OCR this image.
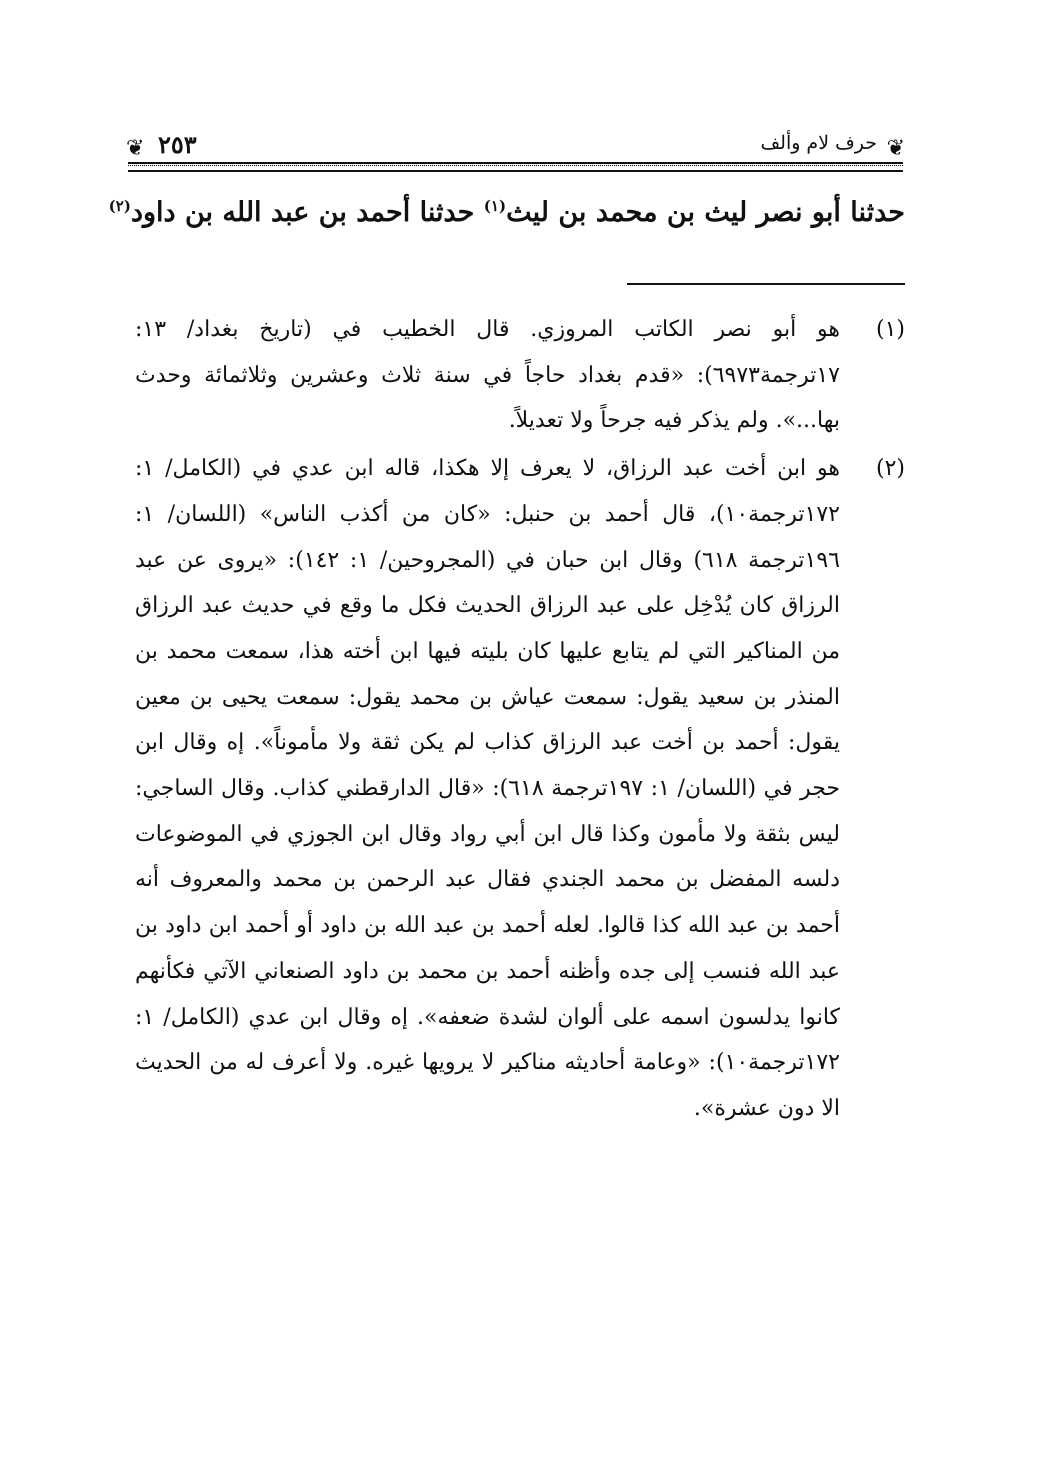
❦
حرف لام وألف
٢٥٣
❦
حدثنا أبو نصر ليث بن محمد بن ليث$^{(١)}$ حدثنا أحمد بن عبد الله بن داود$^{(٢)}$
(١)
هو أبو نصر الكاتب المروزي. قال الخطيب في (تاريخ بغداد/ ١٣: ١٧ترجمة٦٩٧٣): «قدم بغداد حاجاً في سنة ثلاث وعشرين وثلاثمائة وحدث بها...». ولم يذكر فيه جرحاً ولا تعديلاً.
(٢)
هو ابن أخت عبد الرزاق، لا يعرف إلا هكذا، قاله ابن عدي في (الكامل/ ١: ١٧٢ترجمة١٠)، قال أحمد بن حنبل: «كان من أكذب الناس» (اللسان/ ١: ١٩٦ترجمة ٦١٨) وقال ابن حبان في (المجروحين/ ١: ١٤٢): «يروى عن عبد الرزاق كان يُدْخِل على عبد الرزاق الحديث فكل ما وقع في حديث عبد الرزاق من المناكير التي لم يتابع عليها كان بليته فيها ابن أخته هذا، سمعت محمد بن المنذر بن سعيد يقول: سمعت عياش بن محمد يقول: سمعت يحيى بن معين يقول: أحمد بن أخت عبد الرزاق كذاب لم يكن ثقة ولا مأموناً». إه وقال ابن حجر في (اللسان/ ١: ١٩٧ترجمة ٦١٨): «قال الدارقطني كذاب. وقال الساجي: ليس بثقة ولا مأمون وكذا قال ابن أبي رواد وقال ابن الجوزي في الموضوعات دلسه المفضل بن محمد الجندي فقال عبد الرحمن بن محمد والمعروف أنه أحمد بن عبد الله كذا قالوا. لعله أحمد بن عبد الله بن داود أو أحمد ابن داود بن عبد الله فنسب إلى جده وأظنه أحمد بن محمد بن داود الصنعاني الآتي فكأنهم كانوا يدلسون اسمه على ألوان لشدة ضعفه». إه وقال ابن عدي (الكامل/ ١: ١٧٢ترجمة١٠): «وعامة أحاديثه مناكير لا يرويها غيره. ولا أعرف له من الحديث الا دون عشرة».
